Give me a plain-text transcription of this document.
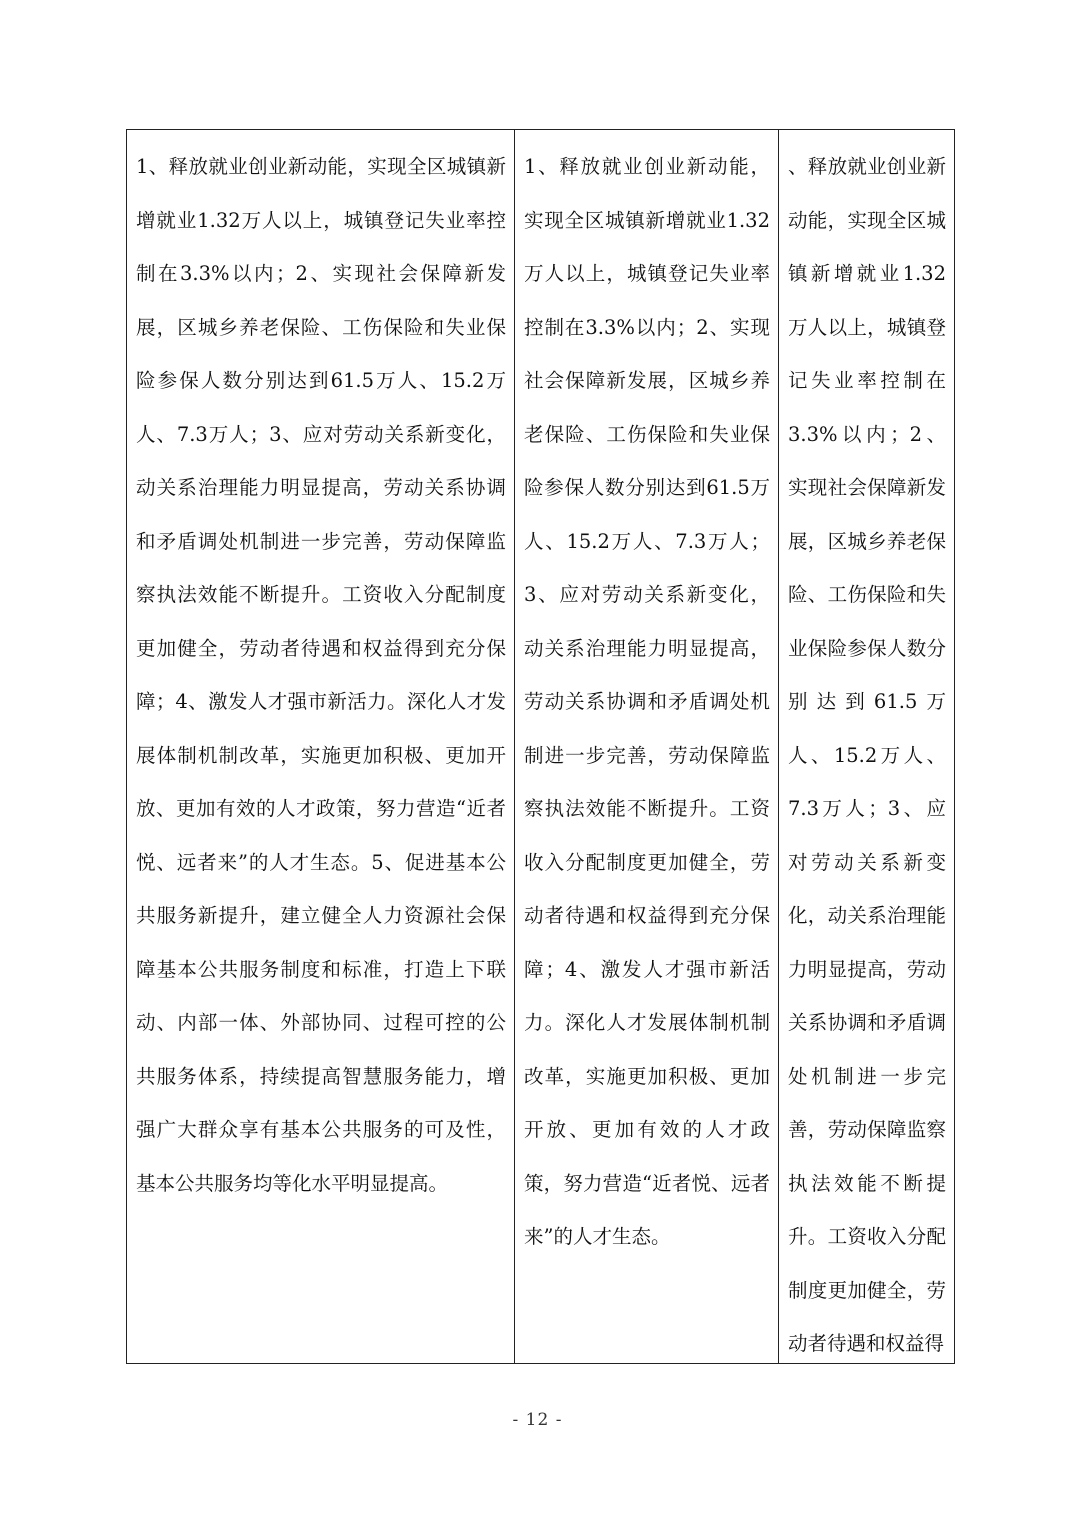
1、释放就业创业新动能，实现全区城镇新增就业1.32万人以上，城镇登记失业率控制在3.3%以内；2、实现社会保障新发展，区城乡养老保险、工伤保险和失业保险参保人数分别达到61.5万人、15.2万人、7.3万人；3、应对劳动关系新变化，动关系治理能力明显提高，劳动关系协调和矛盾调处机制进一步完善，劳动保障监察执法效能不断提升。工资收入分配制度更加健全，劳动者待遇和权益得到充分保障；4、激发人才强市新活力。深化人才发展体制机制改革，实施更加积极、更加开放、更加有效的人才政策，努力营造“近者悦、远者来”的人才生态。5、促进基本公共服务新提升，建立健全人力资源社会保障基本公共服务制度和标准，打造上下联动、内部一体、外部协同、过程可控的公共服务体系，持续提高智慧服务能力，增强广大群众享有基本公共服务的可及性，基本公共服务均等化水平明显提高。
1、释放就业创业新动能，实现全区城镇新增就业1.32万人以上，城镇登记失业率控制在3.3%以内；2、实现社会保障新发展，区城乡养老保险、工伤保险和失业保险参保人数分别达到61.5万人、15.2万人、7.3万人；3、应对劳动关系新变化，动关系治理能力明显提高，劳动关系协调和矛盾调处机制进一步完善，劳动保障监察执法效能不断提升。工资收入分配制度更加健全，劳动者待遇和权益得到充分保障；4、激发人才强市新活力。深化人才发展体制机制改革，实施更加积极、更加开放、更加有效的人才政策，努力营造“近者悦、远者来”的人才生态。
、释放就业创业新动能，实现全区城镇新增就业1.32万人以上，城镇登记失业率控制在3.3%以内；2、实现社会保障新发展，区城乡养老保险、工伤保险和失业保险参保人数分别达到61.5万人、15.2万人、7.3万人；3、应对劳动关系新变化，动关系治理能力明显提高，劳动关系协调和矛盾调处机制进一步完善，劳动保障监察执法效能不断提升。工资收入分配制度更加健全，劳动者待遇和权益得
- 12 -
